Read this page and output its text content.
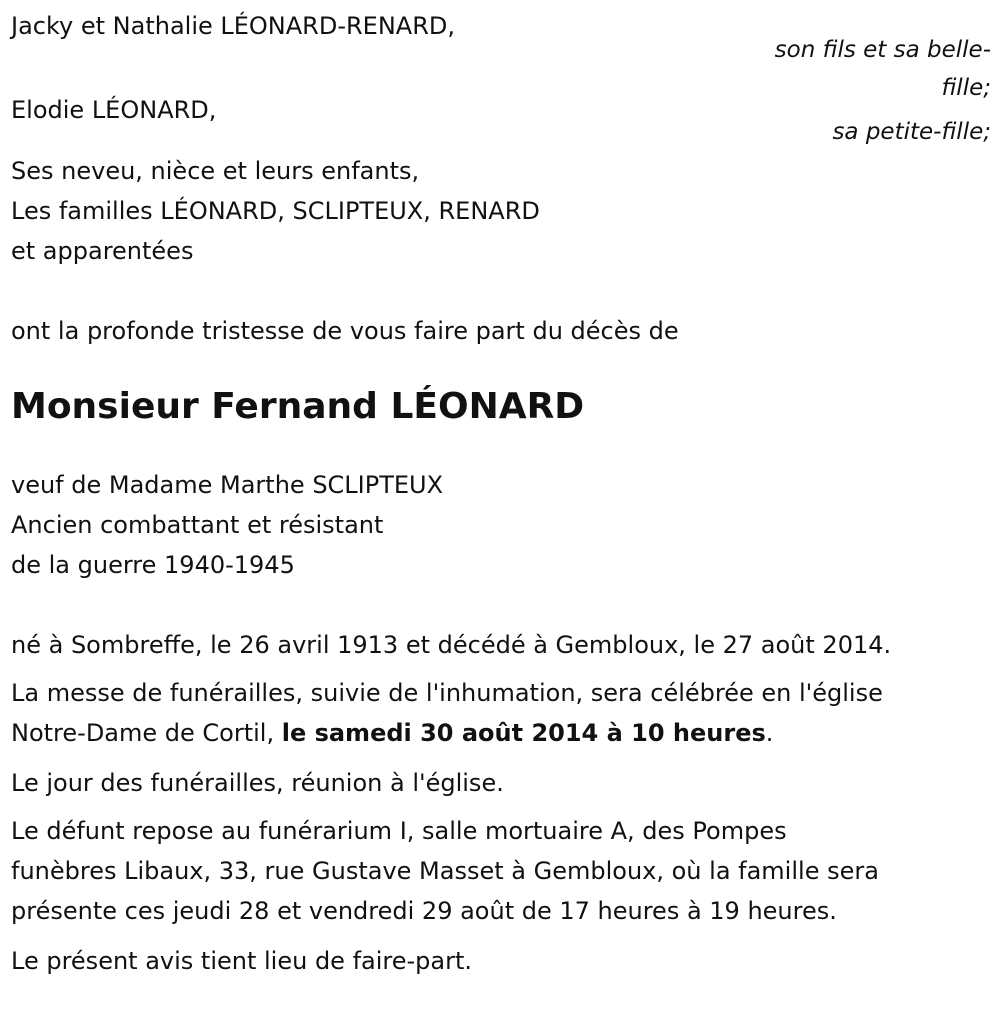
Jacky et Nathalie LÉONARD-RENARD,
son fils et sa belle-
fille;
Elodie LÉONARD,
sa petite-fille;
Ses neveu, nièce et leurs enfants,
Les familles LÉONARD, SCLIPTEUX, RENARD
et apparentées

ont la profonde tristesse de vous faire part du décès de

Monsieur Fernand LÉONARD
veuf de Madame Marthe SCLIPTEUX
Ancien combattant et résistant
de la guerre 1940-1945

né à Sombreffe, le 26 avril 1913 et décédé à Gembloux, le 27 août 2014.

La messe de funérailles, suivie de l'inhumation, sera célébrée en l'église
Notre-Dame de Cortil, le samedi 30 août 2014 à 10 heures.

Le jour des funérailles, réunion à l'église.

Le défunt repose au funérarium I, salle mortuaire A, des Pompes
funèbres Libaux, 33, rue Gustave Masset à Gembloux, où la famille sera
présente ces jeudi 28 et vendredi 29 août de 17 heures à 19 heures.

Le présent avis tient lieu de faire-part.
